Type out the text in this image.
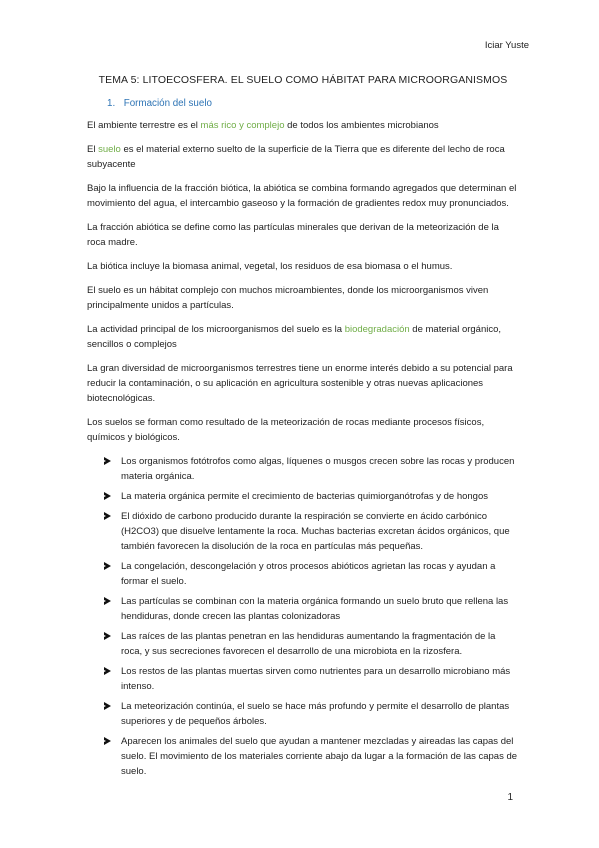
Iciar Yuste
TEMA 5: LITOECOSFERA. EL SUELO COMO HÁBITAT PARA MICROORGANISMOS
1. Formación del suelo

El ambiente terrestre es el más rico y complejo de todos los ambientes microbianos

El suelo es el material externo suelto de la superficie de la Tierra que es diferente del lecho de roca subyacente

Bajo la influencia de la fracción biótica, la abiótica se combina formando agregados que determinan el movimiento del agua, el intercambio gaseoso y la formación de gradientes redox muy pronunciados.

La fracción abiótica se define como las partículas minerales que derivan de la meteorización de la roca madre.

La biótica incluye la biomasa animal, vegetal, los residuos de esa biomasa o el humus.

El suelo es un hábitat complejo con muchos microambientes, donde los microorganismos viven principalmente unidos a partículas.

La actividad principal de los microorganismos del suelo es la biodegradación de material orgánico, sencillos o complejos

La gran diversidad de microorganismos terrestres tiene un enorme interés debido a su potencial para reducir la contaminación, o su aplicación en agricultura sostenible y otras nuevas aplicaciones biotecnológicas.

Los suelos se forman como resultado de la meteorización de rocas mediante procesos físicos, químicos y biológicos.

Los organismos fotótrofos como algas, líquenes o musgos crecen sobre las rocas y producen materia orgánica.
La materia orgánica permite el crecimiento de bacterias quimiorganótrofas y de hongos
El dióxido de carbono producido durante la respiración se convierte en ácido carbónico (H2CO3) que disuelve lentamente la roca. Muchas bacterias excretan ácidos orgánicos, que también favorecen la disolución de la roca en partículas más pequeñas.
La congelación, descongelación y otros procesos abióticos agrietan las rocas y ayudan a formar el suelo.
Las partículas se combinan con la materia orgánica formando un suelo bruto que rellena las hendiduras, donde crecen las plantas colonizadoras
Las raíces de las plantas penetran en las hendiduras aumentando la fragmentación de la roca, y sus secreciones favorecen el desarrollo de una microbiota en la rizosfera.
Los restos de las plantas muertas sirven como nutrientes para un desarrollo microbiano más intenso.
La meteorización continúa, el suelo se hace más profundo y permite el desarrollo de plantas superiores y de pequeños árboles.
Aparecen los animales del suelo que ayudan a mantener mezcladas y aireadas las capas del suelo. El movimiento de los materiales corriente abajo da lugar a la formación de las capas de suelo.
1
